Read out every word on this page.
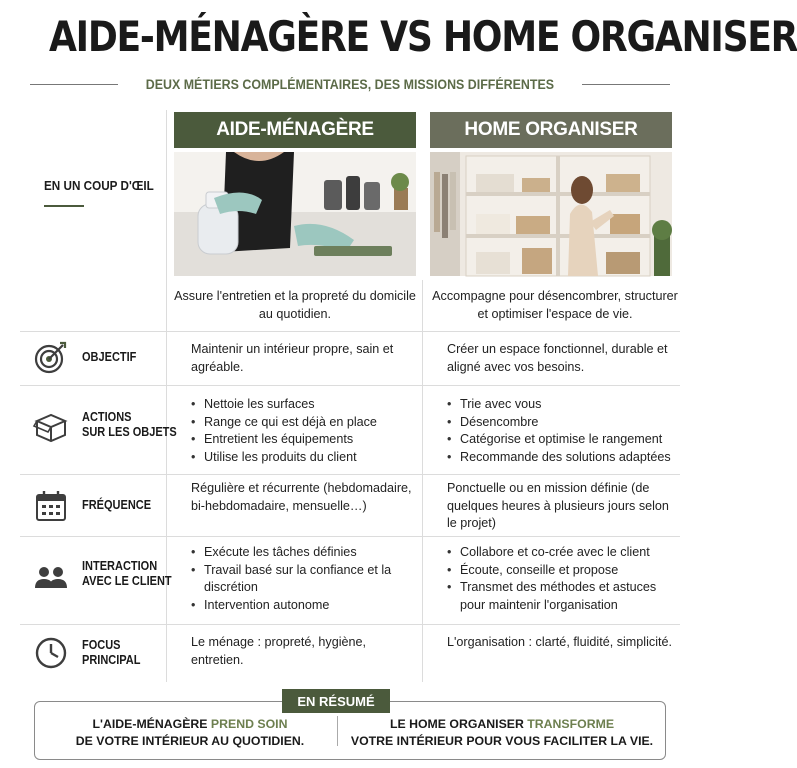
AIDE-MÉNAGÈRE VS HOME ORGANISER
DEUX MÉTIERS COMPLÉMENTAIRES, DES MISSIONS DIFFÉRENTES
AIDE-MÉNAGÈRE	HOME ORGANISER
EN UN COUP D'ŒIL
Assure l'entretien et la propreté du domicile au quotidien.
Accompagne pour désencombrer, structurer et optimiser l'espace de vie.
OBJECTIF
Maintenir un intérieur propre, sain et agréable.
Créer un espace fonctionnel, durable et aligné avec vos besoins.
ACTIONS
SUR LES OBJETS
• Nettoie les surfaces
• Range ce qui est déjà en place
• Entretient les équipements
• Utilise les produits du client
• Trie avec vous
• Désencombre
• Catégorise et optimise le rangement
• Recommande des solutions adaptées
FRÉQUENCE
Régulière et récurrente (hebdomadaire, bi-hebdomadaire, mensuelle…)
Ponctuelle ou en mission définie (de quelques heures à plusieurs jours selon le projet)
INTERACTION
AVEC LE CLIENT
• Exécute les tâches définies
• Travail basé sur la confiance et la discrétion
• Intervention autonome
• Collabore et co-crée avec le client
• Écoute, conseille et propose
• Transmet des méthodes et astuces pour maintenir l'organisation
FOCUS
PRINCIPAL
Le ménage : propreté, hygiène, entretien.
L'organisation : clarté, fluidité, simplicité.
EN RÉSUMÉ
L'AIDE-MÉNAGÈRE PREND SOIN
DE VOTRE INTÉRIEUR AU QUOTIDIEN.
LE HOME ORGANISER TRANSFORME
VOTRE INTÉRIEUR POUR VOUS FACILITER LA VIE.
